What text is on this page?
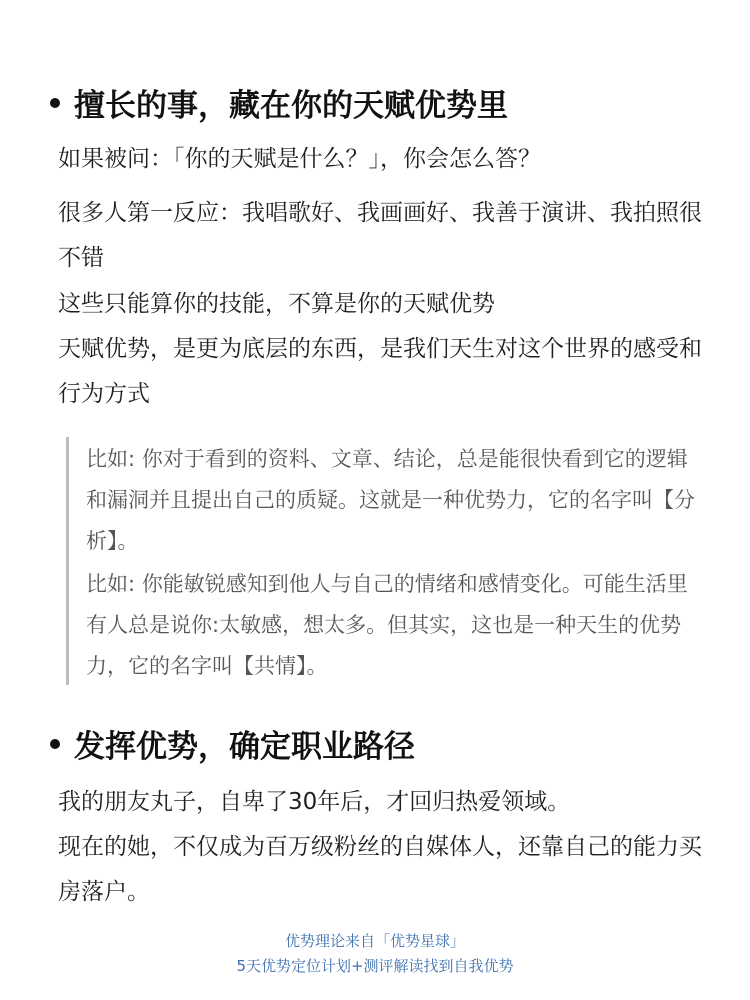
擅长的事，藏在你的天赋优势里
如果被问：「你的天赋是什么？」，你会怎么答？
很多人第一反应：我唱歌好、我画画好、我善于演讲、我拍照很不错
这些只能算你的技能，不算是你的天赋优势
天赋优势，是更为底层的东西，是我们天生对这个世界的感受和行为方式
比如: 你对于看到的资料、文章、结论，总是能很快看到它的逻辑和漏洞并且提出自己的质疑。这就是一种优势力，它的名字叫【分析】。
比如: 你能敏锐感知到他人与自己的情绪和感情变化。可能生活里有人总是说你:太敏感，想太多。但其实，这也是一种天生的优势力，它的名字叫【共情】。
发挥优势，确定职业路径
我的朋友丸子，自卑了30年后，才回归热爱领域。
现在的她，不仅成为百万级粉丝的自媒体人，还靠自己的能力买房落户。
优势理论来自「优势星球」
5天优势定位计划+测评解读找到自我优势
